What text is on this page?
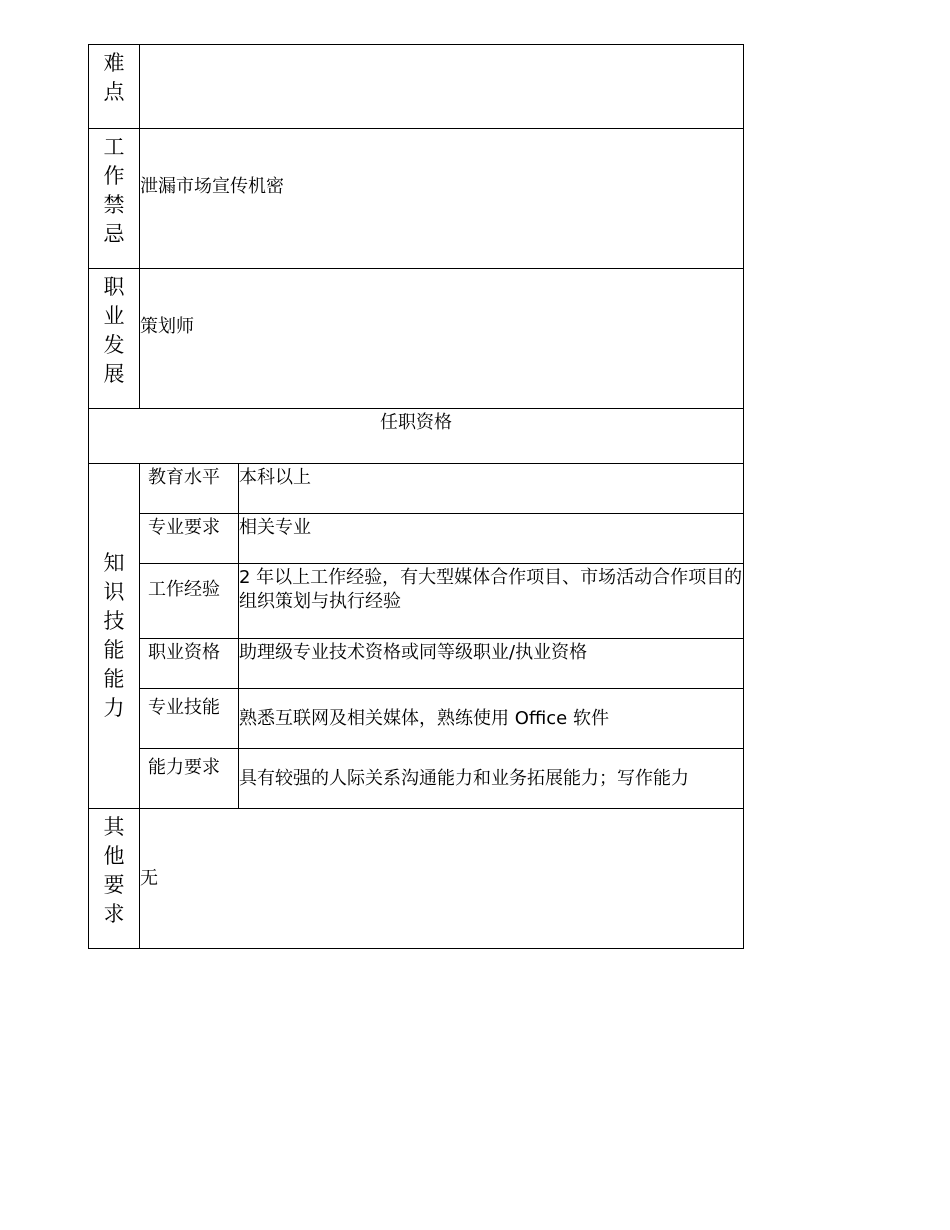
难点		

工作禁忌	泄漏市场宣传机密	

职业发展	策划师	
任职资格		

知识技能能力	教育水平	本科以上
	专业要求	相关专业
	工作经验	2 年以上工作经验，有大型媒体合作项目、市场活动合作项目的组织策划与执行经验
	职业资格	助理级专业技术资格或同等级职业/执业资格
	专业技能	熟悉互联网及相关媒体，熟练使用 Office 软件
	能力要求	具有较强的人际关系沟通能力和业务拓展能力；写作能力

其他要求	无	
